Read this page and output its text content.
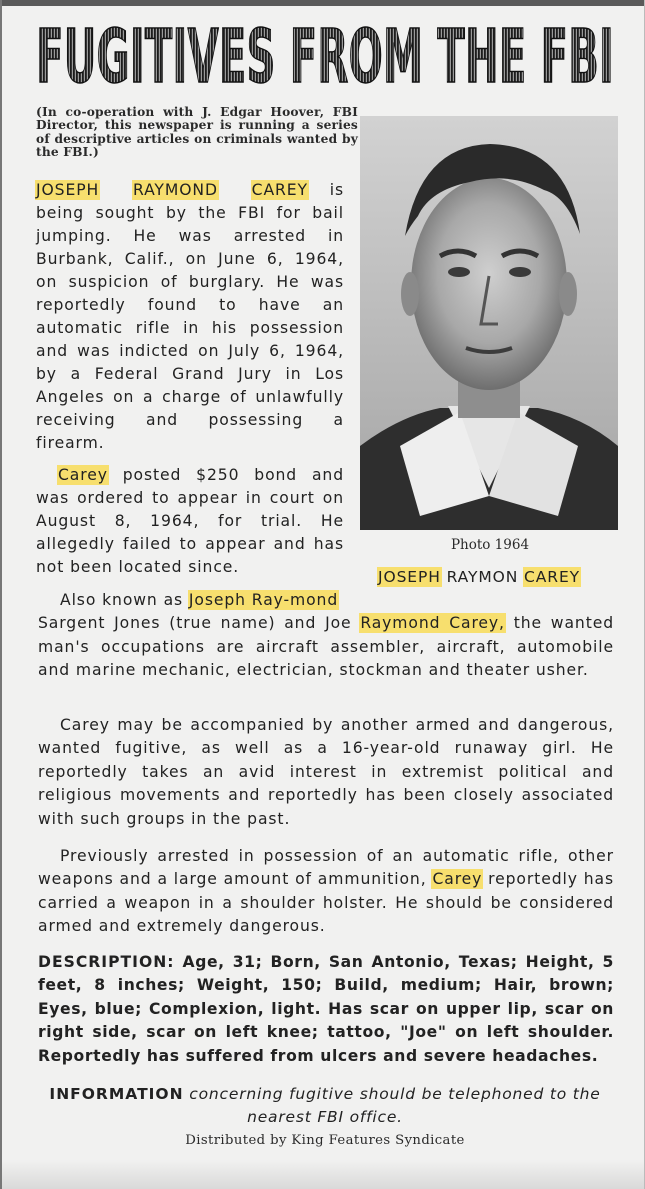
FUGITIVES FROM THE FBI
(In co-operation with J. Edgar Hoover, FBI Director, this newspaper is running a series of descriptive articles on criminals wanted by the FBI.)
JOSEPH RAYMOND CAREY is being sought by the FBI for bail jumping. He was arrested in Burbank, Calif., on June 6, 1964, on suspicion of burglary. He was reportedly found to have an automatic rifle in his possession and was indicted on July 6, 1964, by a Federal Grand Jury in Los Angeles on a charge of unlawfully receiving and possessing a firearm.
Carey posted $250 bond and was ordered to appear in court on August 8, 1964, for trial. He allegedly failed to appear and has not been located since.
Photo 1964
JOSEPH RAYMON CAREY
Also known as Joseph Ray-mond
Sargent Jones (true name) and Joe Raymond Carey, the wanted man's occupations are aircraft assembler, aircraft, automobile and marine mechanic, electrician, stockman and theater usher.
Carey may be accompanied by another armed and dangerous, wanted fugitive, as well as a 16-year-old runaway girl. He reportedly takes an avid interest in extremist political and religious movements and reportedly has been closely associated with such groups in the past.
Previously arrested in possession of an automatic rifle, other weapons and a large amount of ammunition, Carey reportedly has carried a weapon in a shoulder holster. He should be considered armed and extremely dangerous.
DESCRIPTION: Age, 31; Born, San Antonio, Texas; Height, 5 feet, 8 inches; Weight, 150; Build, medium; Hair, brown; Eyes, blue; Complexion, light. Has scar on upper lip, scar on right side, scar on left knee; tattoo, "Joe" on left shoulder. Reportedly has suffered from ulcers and severe headaches.
INFORMATION concerning fugitive should be telephoned to the nearest FBI office.
Distributed by King Features Syndicate
